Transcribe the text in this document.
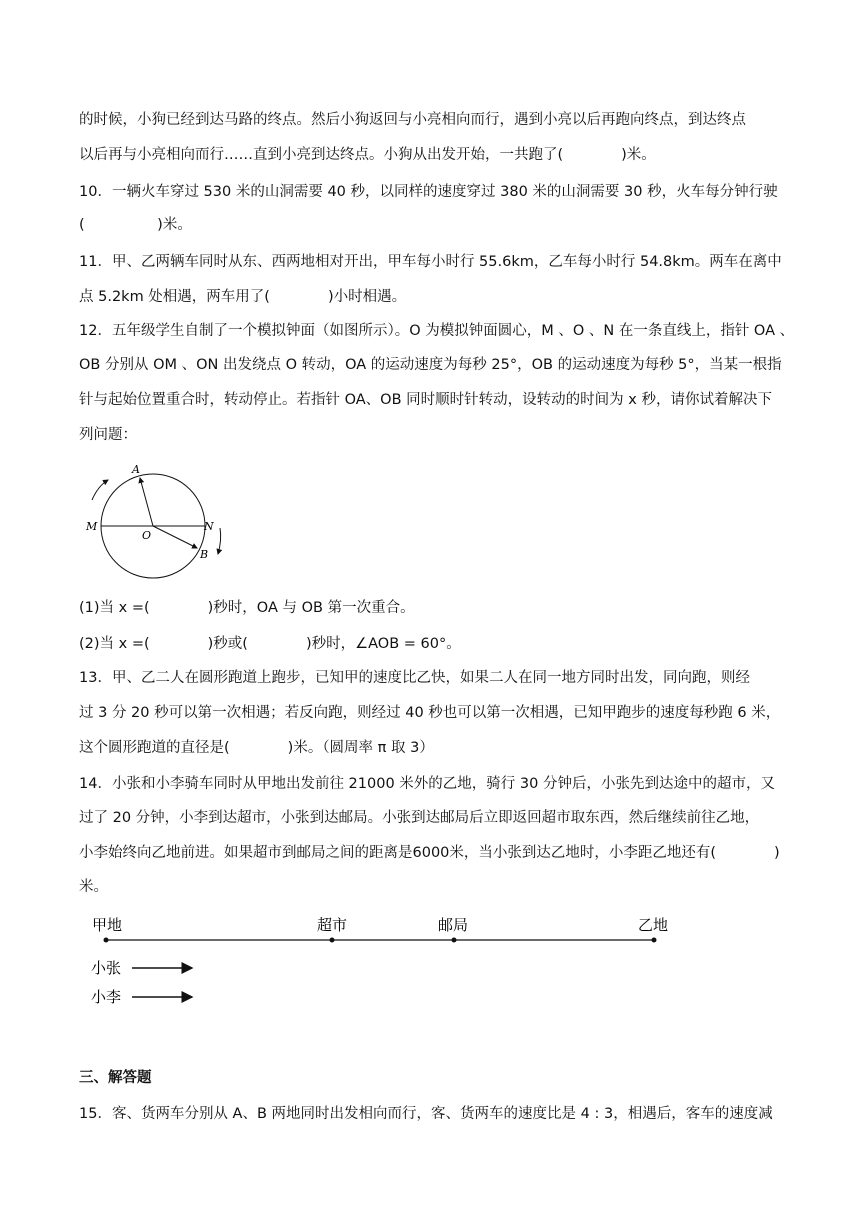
的时候，小狗已经到达马路的终点。然后小狗返回与小亮相向而行，遇到小亮以后再跑向终点，到达终点
以后再与小亮相向而行……直到小亮到达终点。小狗从出发开始，一共跑了(　　　　)米。
10．一辆火车穿过 530 米的山洞需要 40 秒，以同样的速度穿过 380 米的山洞需要 30 秒，火车每分钟行驶
(　　　　　)米。
11．甲、乙两辆车同时从东、西两地相对开出，甲车每小时行 55.6km，乙车每小时行 54.8km。两车在离中
点 5.2km 处相遇，两车用了(　　　　)小时相遇。
12．五年级学生自制了一个模拟钟面（如图所示）。O 为模拟钟面圆心，M 、O 、N 在一条直线上，指针 OA 、
OB 分别从 OM 、ON 出发绕点 O 转动，OA 的运动速度为每秒 25°，OB 的运动速度为每秒 5°，当某一根指
针与起始位置重合时，转动停止。若指针 OA、OB 同时顺时针转动，设转动的时间为 x 秒，请你试着解决下
列问题：
A
M	N
O
B
(1)当 x =(　　　　)秒时，OA 与 OB 第一次重合。
(2)当 x =(　　　　)秒或(　　　　)秒时，∠AOB = 60°。
13．甲、乙二人在圆形跑道上跑步，已知甲的速度比乙快，如果二人在同一地方同时出发，同向跑，则经
过 3 分 20 秒可以第一次相遇；若反向跑，则经过 40 秒也可以第一次相遇，已知甲跑步的速度每秒跑 6 米，
这个圆形跑道的直径是(　　　　)米。（圆周率 π 取 3）
14．小张和小李骑车同时从甲地出发前往 21000 米外的乙地，骑行 30 分钟后，小张先到达途中的超市，又
过了 20 分钟，小李到达超市，小张到达邮局。小张到达邮局后立即返回超市取东西，然后继续前往乙地，
小李始终向乙地前进。如果超市到邮局之间的距离是6000米，当小张到达乙地时，小李距乙地还有(　　　　)
米。
甲地	超市	邮局	乙地
小张
小李
三、解答题
15．客、货两车分别从 A、B 两地同时出发相向而行，客、货两车的速度比是 4 : 3，相遇后，客车的速度减
